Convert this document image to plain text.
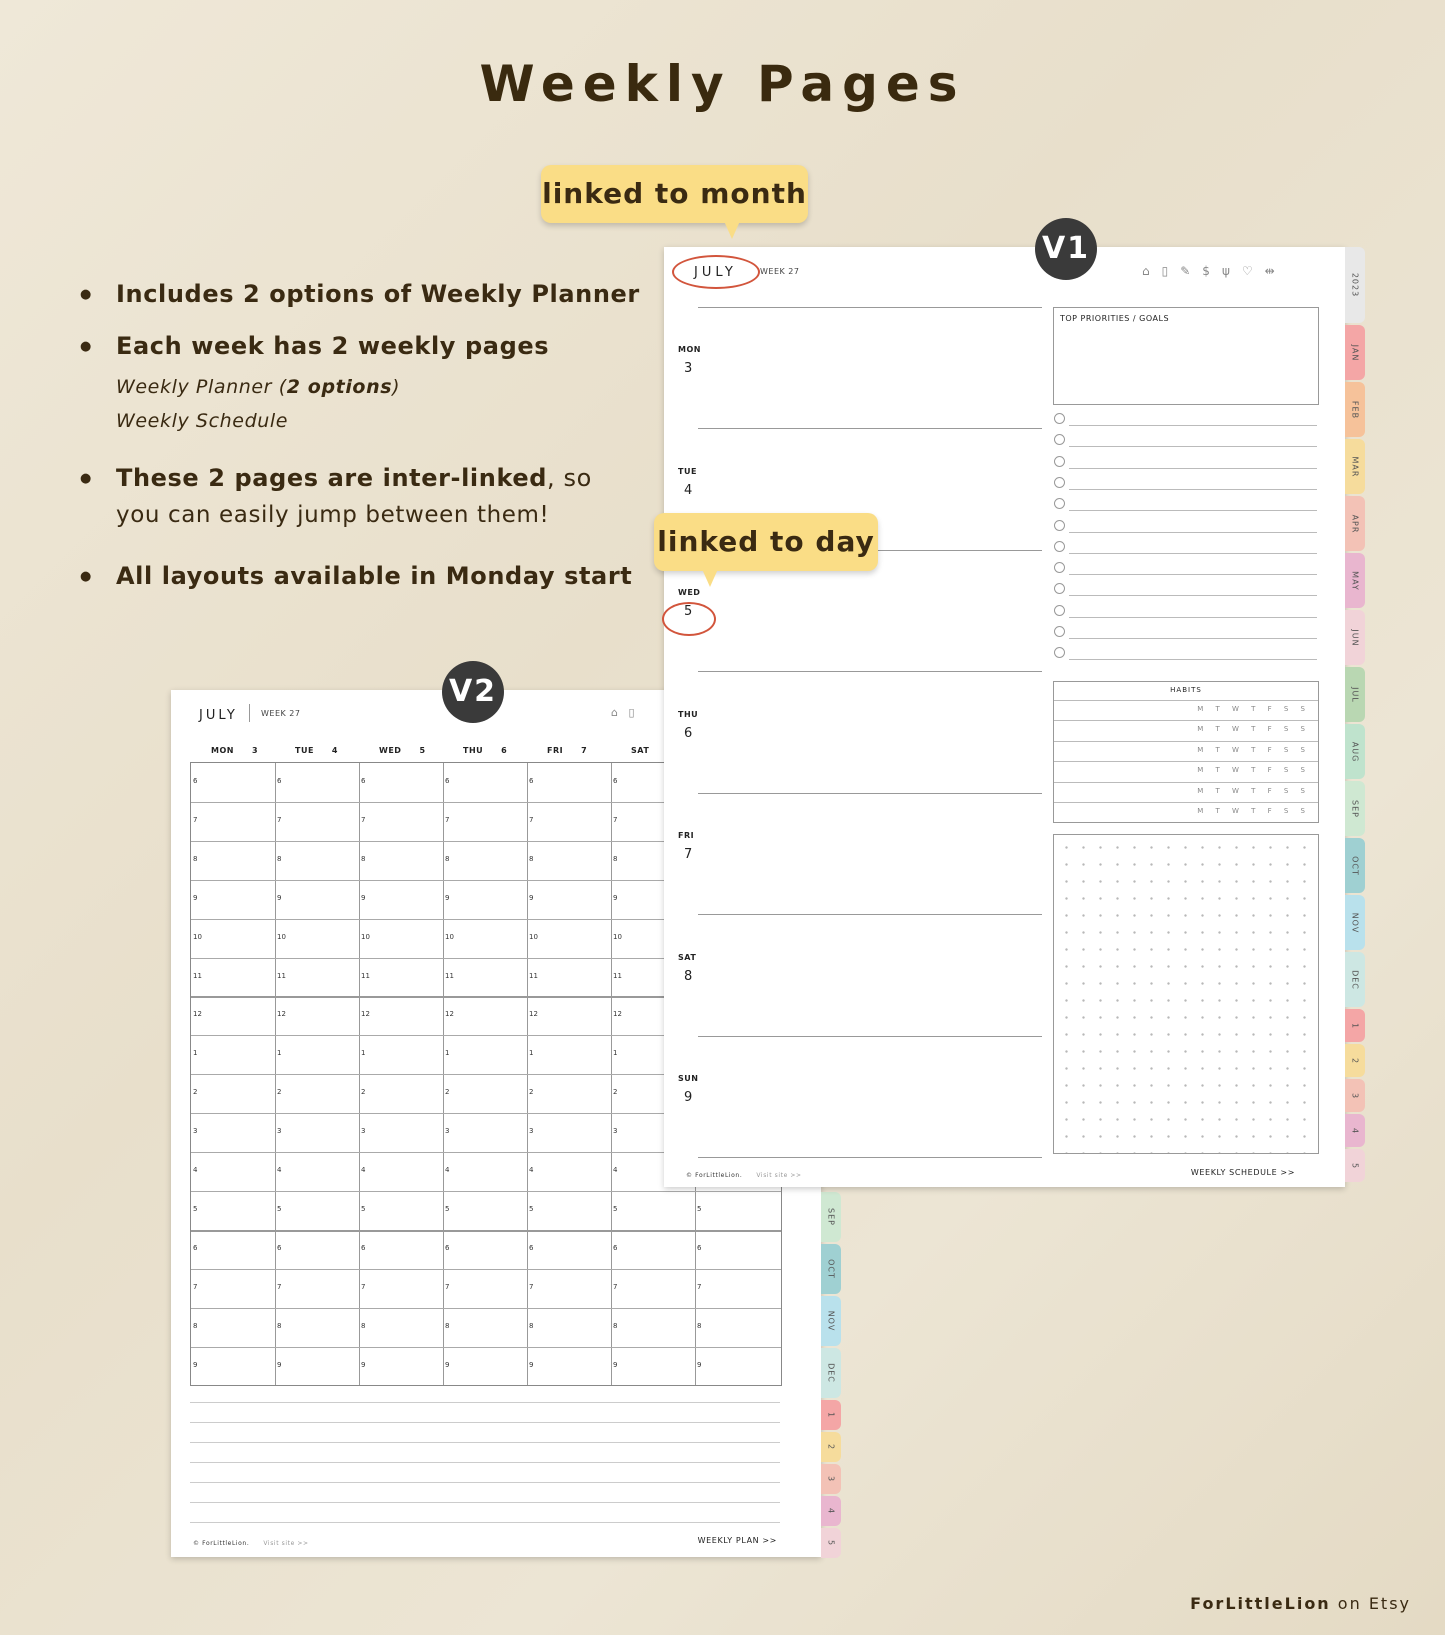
Weekly Pages
Includes 2 options of Weekly Planner
Each week has 2 weekly pages
Weekly Planner (2 options)
Weekly Schedule
These 2 pages are inter-linked, so
you can easily jump between them!
All layouts available in Monday start
JULY	WEEK 27	⌂ ▯
MON 3	TUE 4	WED 5	THU 6	FRI 7	SAT
6	6	6	6	6	6
7	7	7	7	7	7
8	8	8	8	8	8
9	9	9	9	9	9
10	10	10	10	10	10
11	11	11	11	11	11
12	12	12	12	12	12
1	1	1	1	1	1
2	2	2	2	2	2
3	3	3	3	3	3
4	4	4	4	4	4
5	5	5	5	5	5	5
6	6	6	6	6	6	6
7	7	7	7	7	7	7
8	8	8	8	8	8	8
9	9	9	9	9	9	9
© ForLittleLion. Visit site >>	WEEKLY PLAN >>
SEP
OCT
NOV
DEC
1
2
3
4
5
V2
JULY	WEEK 27	⌂▯✎$ψ♡⇹
MON
3
TUE
4
WED
5
THU
6
FRI
7
SAT
8
SUN
9
TOP PRIORITIES / GOALS
HABITS
M T W T F S S
M T W T F S S
M T W T F S S
M T W T F S S
M T W T F S S
M T W T F S S
© ForLittleLion. Visit site >>	WEEKLY SCHEDULE >>
2023
JAN
FEB
MAR
APR
MAY
JUN
JUL
AUG
SEP
OCT
NOV
DEC
1
2
3
4
5
V1
linked to month
linked to day
ForLittleLion on Etsy
